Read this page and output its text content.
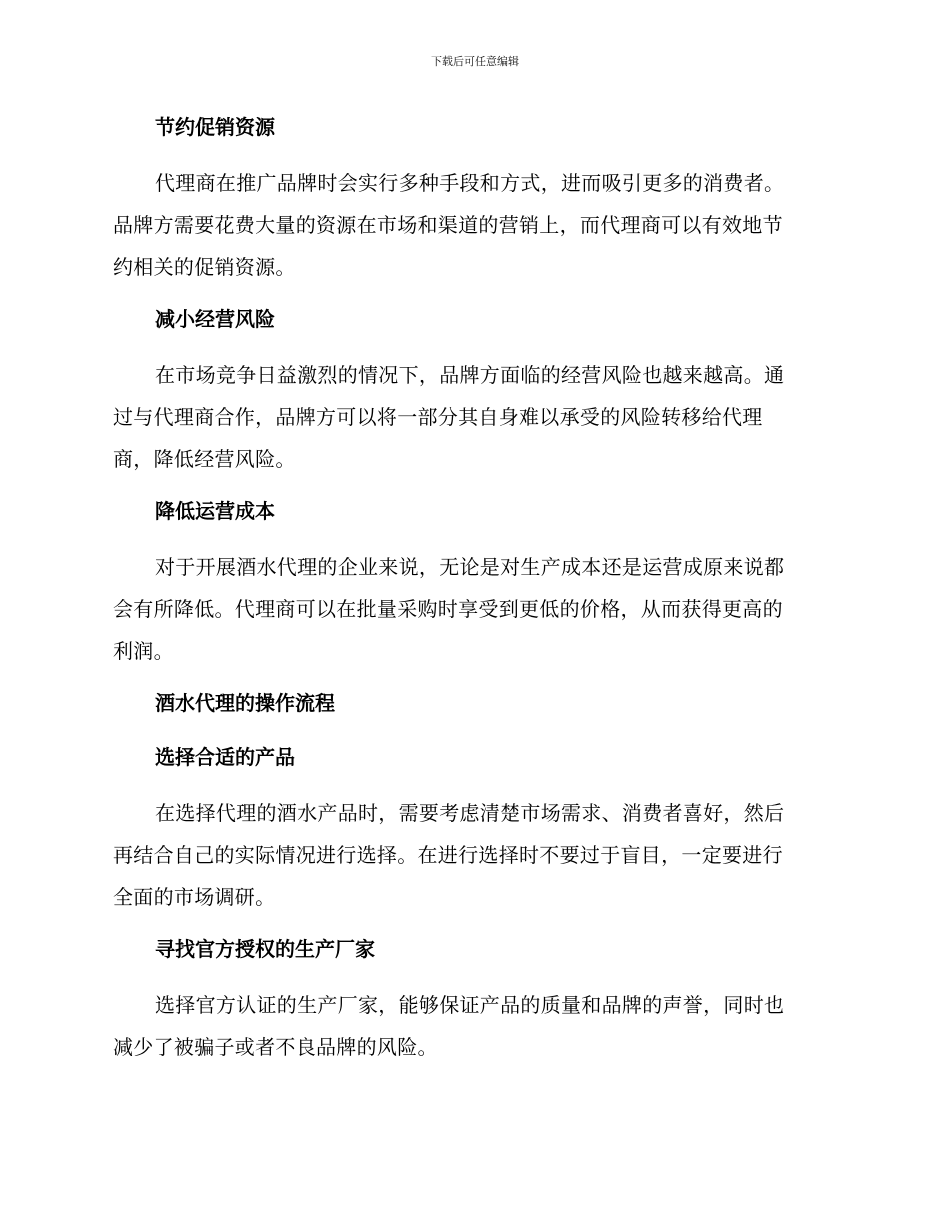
下载后可任意编辑
节约促销资源
代理商在推广品牌时会实行多种手段和方式，进而吸引更多的消费者。
品牌方需要花费大量的资源在市场和渠道的营销上，而代理商可以有效地节
约相关的促销资源。
减小经营风险
在市场竞争日益激烈的情况下，品牌方面临的经营风险也越来越高。通
过与代理商合作，品牌方可以将一部分其自身难以承受的风险转移给代理
商，降低经营风险。
降低运营成本
对于开展酒水代理的企业来说，无论是对生产成本还是运营成原来说都
会有所降低。代理商可以在批量采购时享受到更低的价格，从而获得更高的
利润。
酒水代理的操作流程
选择合适的产品
在选择代理的酒水产品时，需要考虑清楚市场需求、消费者喜好，然后
再结合自己的实际情况进行选择。在进行选择时不要过于盲目，一定要进行
全面的市场调研。
寻找官方授权的生产厂家
选择官方认证的生产厂家，能够保证产品的质量和品牌的声誉，同时也
减少了被骗子或者不良品牌的风险。
